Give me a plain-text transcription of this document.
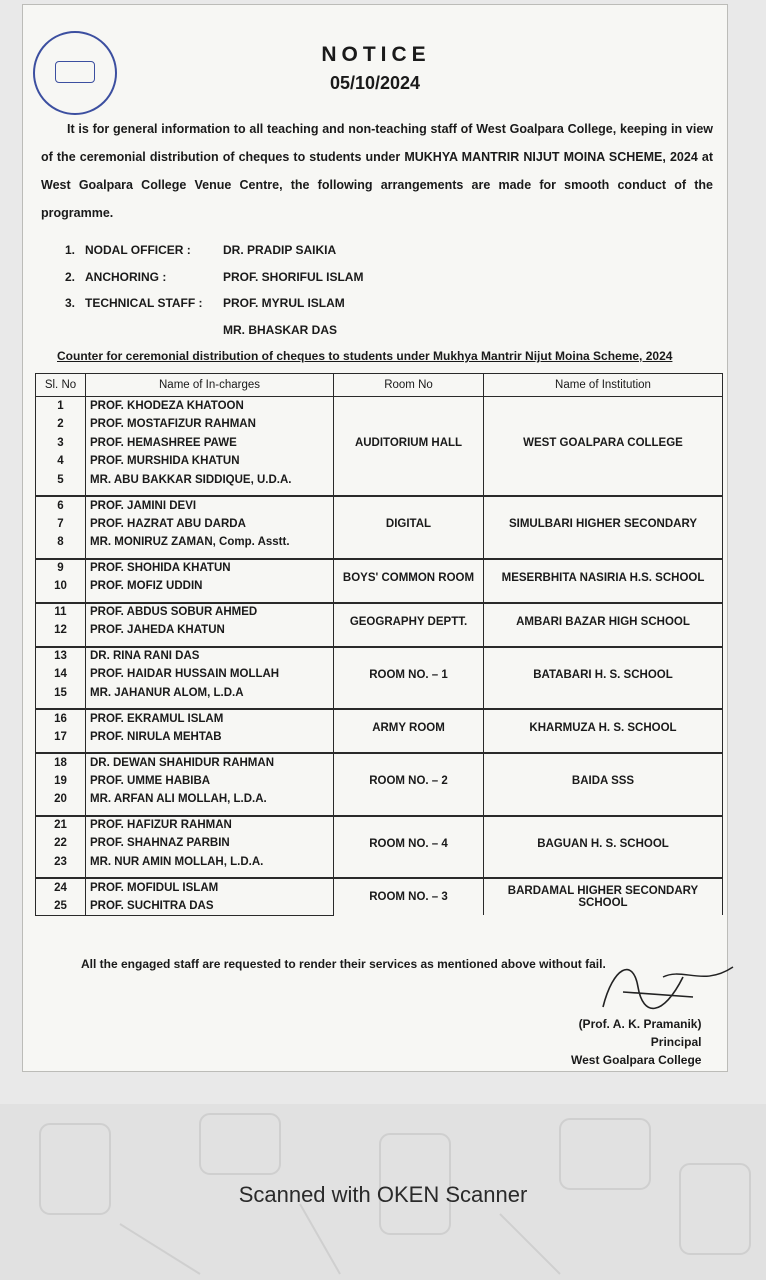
NOTICE
05/10/2024
It is for general information to all teaching and non-teaching staff of West Goalpara College, keeping in view of the ceremonial distribution of cheques to students under MUKHYA MANTRIR NIJUT MOINA SCHEME, 2024 at West Goalpara College Venue Centre, the following arrangements are made for smooth conduct of the programme.
1. NODAL OFFICER :	DR. PRADIP SAIKIA
2. ANCHORING :	PROF. SHORIFUL ISLAM
3. TECHNICAL STAFF :	PROF. MYRUL ISLAM
MR. BHASKAR DAS
Counter for ceremonial distribution of cheques to students under Mukhya Mantrir Nijut Moina Scheme, 2024
Sl. No	Name of In-charges	Room No	Name of Institution
1	PROF. KHODEZA KHATOON	AUDITORIUM HALL	WEST GOALPARA COLLEGE
2	PROF. MOSTAFIZUR RAHMAN		
3	PROF. HEMASHREE PAWE		
4	PROF. MURSHIDA KHATUN		
5	MR. ABU BAKKAR SIDDIQUE, U.D.A.		

6	PROF. JAMINI DEVI	DIGITAL	SIMULBARI HIGHER SECONDARY
7	PROF. HAZRAT ABU DARDA		
8	MR. MONIRUZ ZAMAN, Comp. Asstt.		

9	PROF. SHOHIDA KHATUN	BOYS' COMMON ROOM	MESERBHITA NASIRIA H.S. SCHOOL
10	PROF. MOFIZ UDDIN		

11	PROF. ABDUS SOBUR AHMED	GEOGRAPHY DEPTT.	AMBARI BAZAR HIGH SCHOOL
12	PROF. JAHEDA KHATUN		

13	DR. RINA RANI DAS	ROOM NO. – 1	BATABARI H. S. SCHOOL
14	PROF. HAIDAR HUSSAIN MOLLAH		
15	MR. JAHANUR ALOM, L.D.A		

16	PROF. EKRAMUL ISLAM	ARMY ROOM	KHARMUZA H. S. SCHOOL
17	PROF. NIRULA MEHTAB		

18	DR. DEWAN SHAHIDUR RAHMAN	ROOM NO. – 2	BAIDA SSS
19	PROF. UMME HABIBA		
20	MR. ARFAN ALI MOLLAH, L.D.A.		

21	PROF. HAFIZUR RAHMAN	ROOM NO. – 4	BAGUAN H. S. SCHOOL
22	PROF. SHAHNAZ PARBIN		
23	MR. NUR AMIN MOLLAH, L.D.A.		

24	PROF. MOFIDUL ISLAM	ROOM NO. – 3	BARDAMAL HIGHER SECONDARY SCHOOL
25	PROF. SUCHITRA DAS		
All the engaged staff are requested to render their services as mentioned above without fail.
(Prof. A. K. Pramanik)
Principal
West Goalpara College
Scanned with OKEN Scanner
